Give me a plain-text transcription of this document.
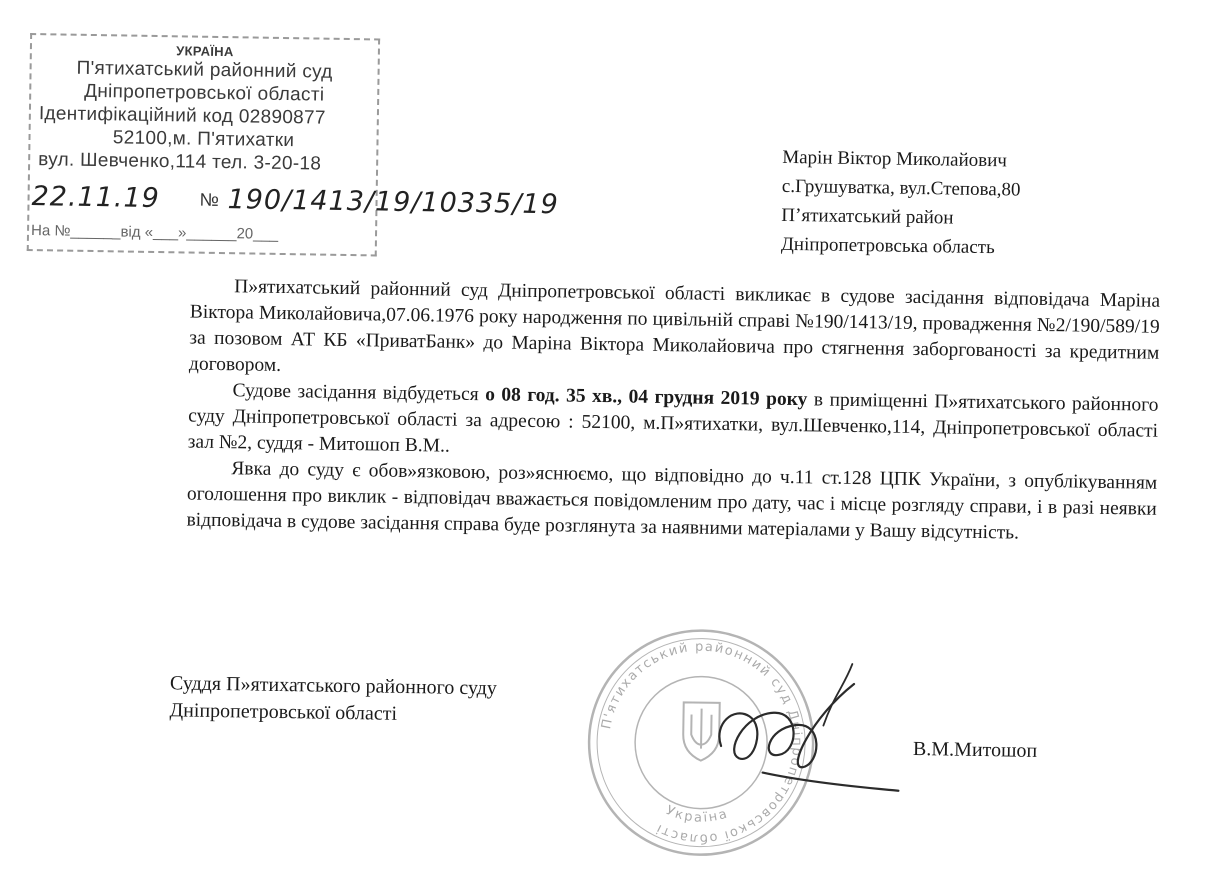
УКРАЇНА
П'ятихатський районний суд
Дніпропетровської області
Ідентифікаційний код 02890877
52100,м. П'ятихатки
вул. Шевченко,114 тел. 3-20-18
22.11.19 № 190/1413/19/10335/19
На №______від «___»______20___
Марін Віктор Миколайович
с.Грушуватка, вул.Степова,80
П’ятихатський район
Дніпропетровська область

П»ятихатський районний суд Дніпропетровської області викликає в судове засідання відповідача Маріна Віктора Миколайовича,07.06.1976 року народження по цивільній справі №190/1413/19, провадження №2/190/589/19 за позовом АТ КБ «ПриватБанк» до Маріна Віктора Миколайовича про стягнення заборгованості за кредитним договором.

Судове засідання відбудеться о 08 год. 35 хв., 04 грудня 2019 року в приміщенні П»ятихатського районного суду Дніпропетровської області за адресою : 52100, м.П»ятихатки, вул.Шевченко,114, Дніпропетровської області зал №2, суддя - Митошоп В.М..

Явка до суду є обов»язковою, роз»яснюємо, що відповідно до ч.11 ст.128 ЦПК України, з опублікуванням оголошення про виклик - відповідач вважається повідомленим про дату, час і місце розгляду справи, і в разі неявки відповідача в судове засідання справа буде розглянута за наявними матеріалами у Вашу відсутність.

Суддя П»ятихатського районного суду
Дніпропетровської області
В.М.Митошоп
П'ятихатський районний суд Дніпропетровської області
Україна
